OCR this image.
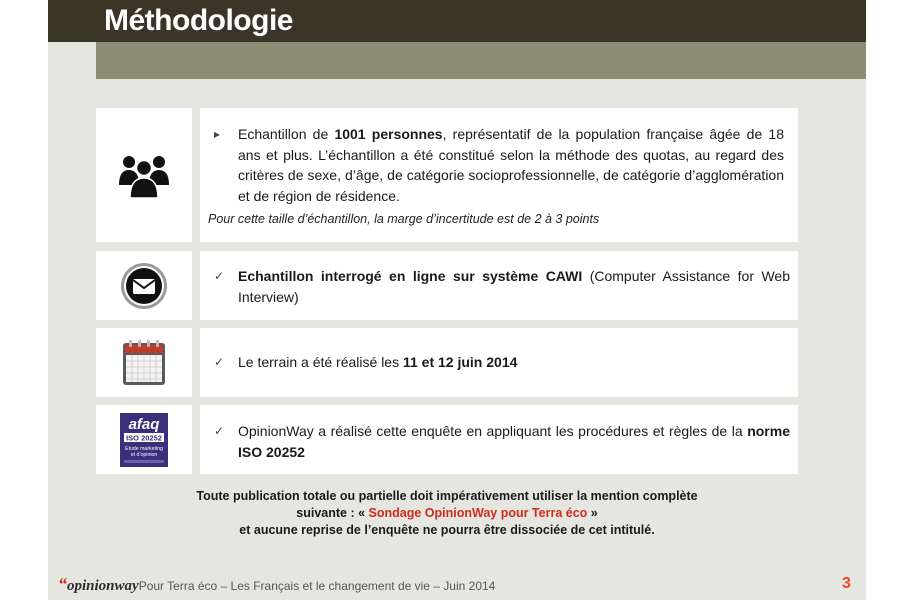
Méthodologie
▸	Echantillon de 1001 personnes, représentatif de la population française âgée de 18 ans et plus. L’échantillon a été constitué selon la méthode des quotas, au regard des critères de sexe, d’âge, de catégorie socioprofessionnelle, de catégorie d’agglomération et de région de résidence.
Pour cette taille d’échantillon, la marge d’incertitude est de 2 à 3 points
✓ Echantillon interrogé en ligne sur système CAWI (Computer Assistance for Web Interview)
✓ Le terrain a été réalisé les 11 et 12 juin 2014
afaq
ISO 20252
Etude marketing
et d’opinion
✓ OpinionWay a réalisé cette enquête en appliquant les procédures et règles de la norme ISO 20252
Toute publication totale ou partielle doit impérativement utiliser la mention complète
suivante : « Sondage OpinionWay pour Terra éco »
et aucune reprise de l’enquête ne pourra être dissociée de cet intitulé.
“opinionwayPour Terra éco – Les Français et le changement de vie – Juin 2014	3
